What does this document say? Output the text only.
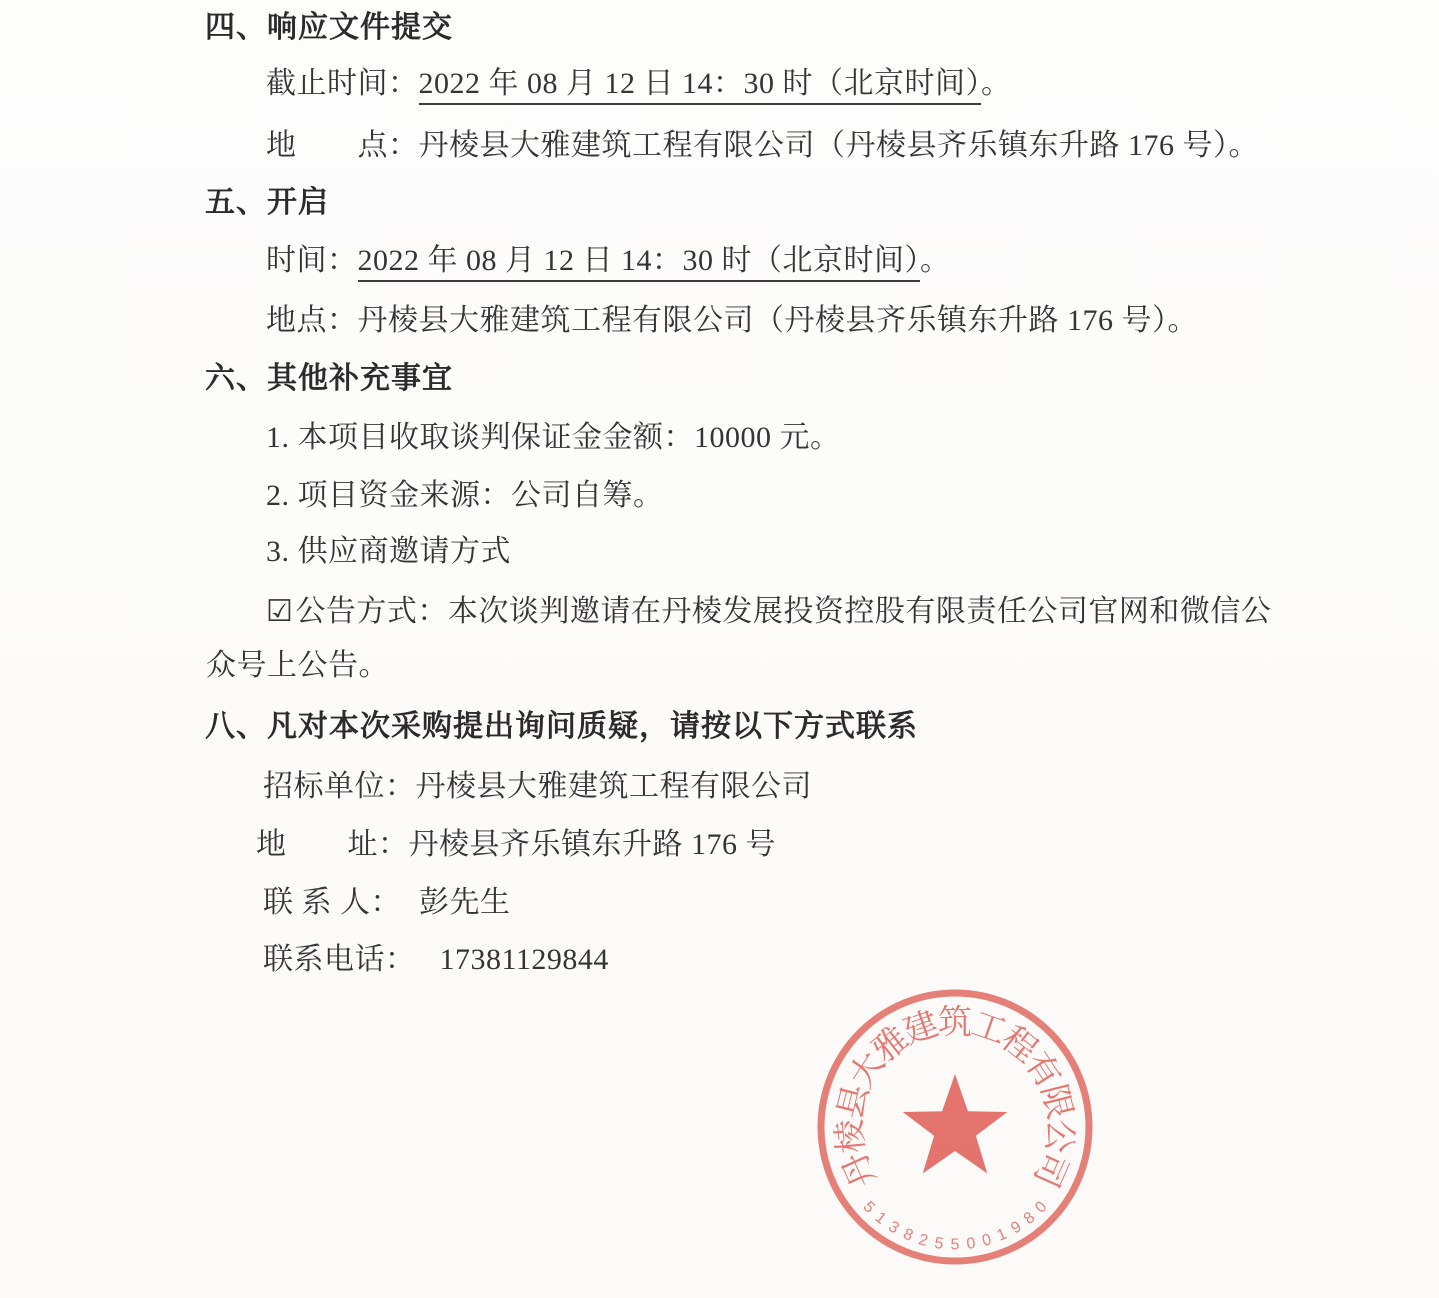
四、响应文件提交
截止时间：2022 年 08 月 12 日 14：30 时（北京时间）。
地　　点：丹棱县大雅建筑工程有限公司（丹棱县齐乐镇东升路 176 号）。
五、开启
时间：2022 年 08 月 12 日 14：30 时（北京时间）。
地点：丹棱县大雅建筑工程有限公司（丹棱县齐乐镇东升路 176 号）。
六、其他补充事宜
1. 本项目收取谈判保证金金额：10000 元。
2. 项目资金来源：公司自筹。
3. 供应商邀请方式
☑公告方式：本次谈判邀请在丹棱发展投资控股有限责任公司官网和微信公
众号上公告。
八、凡对本次采购提出询问质疑，请按以下方式联系
招标单位：丹棱县大雅建筑工程有限公司
地　　址：丹棱县齐乐镇东升路 176 号
联 系 人： 彭先生
联系电话： 17381129844
丹
棱
县
大
雅
建
筑
工
程
有
限
公
司
5
1
3
8 2 5 5 0 0 1
9
8
0
